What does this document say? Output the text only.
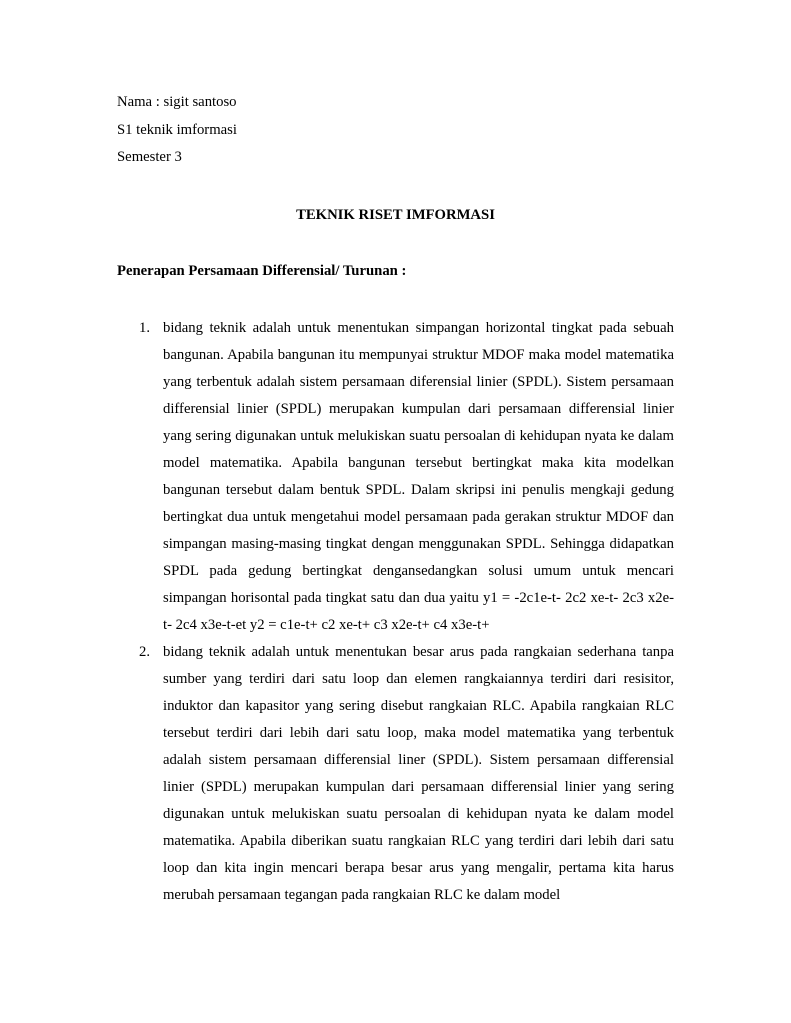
Nama : sigit santoso
S1 teknik imformasi
Semester 3
TEKNIK RISET IMFORMASI
Penerapan Persamaan Differensial/ Turunan :
1. bidang teknik adalah untuk menentukan simpangan horizontal tingkat pada sebuah bangunan. Apabila bangunan itu mempunyai struktur MDOF maka model matematika yang terbentuk adalah sistem persamaan diferensial linier (SPDL). Sistem persamaan differensial linier (SPDL) merupakan kumpulan dari persamaan differensial linier yang sering digunakan untuk melukiskan suatu persoalan di kehidupan nyata ke dalam model matematika. Apabila bangunan tersebut bertingkat maka kita modelkan bangunan tersebut dalam bentuk SPDL. Dalam skripsi ini penulis mengkaji gedung bertingkat dua untuk mengetahui model persamaan pada gerakan struktur MDOF dan simpangan masing-masing tingkat dengan menggunakan SPDL. Sehingga didapatkan SPDL pada gedung bertingkat dengansedangkan solusi umum untuk mencari simpangan horisontal pada tingkat satu dan dua yaitu y1 = -2c1e-t- 2c2 xe-t- 2c3 x2e-t- 2c4 x3e-t-et y2 = c1e-t+ c2 xe-t+ c3 x2e-t+ c4 x3e-t+
2. bidang teknik adalah untuk menentukan besar arus pada rangkaian sederhana tanpa sumber yang terdiri dari satu loop dan elemen rangkaiannya terdiri dari resisitor, induktor dan kapasitor yang sering disebut rangkaian RLC. Apabila rangkaian RLC tersebut terdiri dari lebih dari satu loop, maka model matematika yang terbentuk adalah sistem persamaan differensial liner (SPDL). Sistem persamaan differensial linier (SPDL) merupakan kumpulan dari persamaan differensial linier yang sering digunakan untuk melukiskan suatu persoalan di kehidupan nyata ke dalam model matematika. Apabila diberikan suatu rangkaian RLC yang terdiri dari lebih dari satu loop dan kita ingin mencari berapa besar arus yang mengalir, pertama kita harus merubah persamaan tegangan pada rangkaian RLC ke dalam model
